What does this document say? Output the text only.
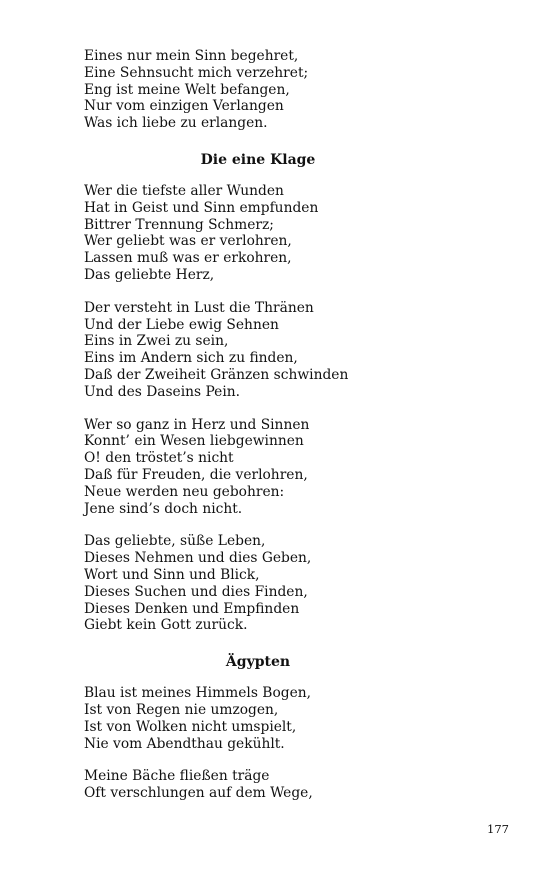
Eines nur mein Sinn begehret,
Eine Sehnsucht mich verzehret;
Eng ist meine Welt befangen,
Nur vom einzigen Verlangen
Was ich liebe zu erlangen.
Die eine Klage
Wer die tiefste aller Wunden
Hat in Geist und Sinn empfunden
Bittrer Trennung Schmerz;
Wer geliebt was er verlohren,
Lassen muß was er erkohren,
Das geliebte Herz,
Der versteht in Lust die Thränen
Und der Liebe ewig Sehnen
Eins in Zwei zu sein,
Eins im Andern sich zu finden,
Daß der Zweiheit Gränzen schwinden
Und des Daseins Pein.
Wer so ganz in Herz und Sinnen
Konnt’ ein Wesen liebgewinnen
O! den tröstet’s nicht
Daß für Freuden, die verlohren,
Neue werden neu gebohren:
Jene sind’s doch nicht.
Das geliebte, süße Leben,
Dieses Nehmen und dies Geben,
Wort und Sinn und Blick,
Dieses Suchen und dies Finden,
Dieses Denken und Empfinden
Giebt kein Gott zurück.
Ägypten
Blau ist meines Himmels Bogen,
Ist von Regen nie umzogen,
Ist von Wolken nicht umspielt,
Nie vom Abendthau gekühlt.
Meine Bäche fließen träge
Oft verschlungen auf dem Wege,
177
